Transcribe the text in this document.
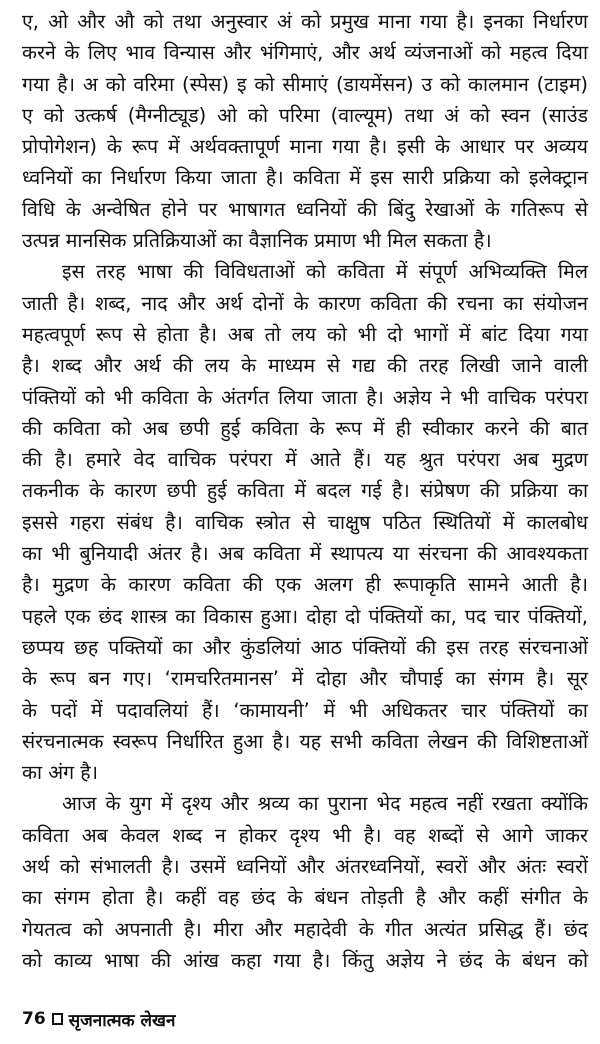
ए, ओ और औ को तथा अनुस्वार अं को प्रमुख माना गया है। इनका निर्धारण
करने के लिए भाव विन्यास और भंगिमाएं, और अर्थ व्यंजनाओं को महत्व दिया
गया है। अ को वरिमा (स्पेस) इ को सीमाएं (डायमेंसन) उ को कालमान (टाइम)
ए को उत्कर्ष (मैग्नीट्यूड) ओ को परिमा (वाल्यूम) तथा अं को स्वन (साउंड
प्रोपोगेशन) के रूप में अर्थवक्तापूर्ण माना गया है। इसी के आधार पर अव्यय
ध्वनियों का निर्धारण किया जाता है। कविता में इस सारी प्रक्रिया को इलेक्ट्रान
विधि के अन्वेषित होने पर भाषागत ध्वनियों की बिंदु रेखाओं के गतिरूप से
उत्पन्न मानसिक प्रतिक्रियाओं का वैज्ञानिक प्रमाण भी मिल सकता है।
इस तरह भाषा की विविधताओं को कविता में संपूर्ण अभिव्यक्ति मिल
जाती है। शब्द, नाद और अर्थ दोनों के कारण कविता की रचना का संयोजन
महत्वपूर्ण रूप से होता है। अब तो लय को भी दो भागों में बांट दिया गया
है। शब्द और अर्थ की लय के माध्यम से गद्य की तरह लिखी जाने वाली
पंक्तियों को भी कविता के अंतर्गत लिया जाता है। अज्ञेय ने भी वाचिक परंपरा
की कविता को अब छपी हुई कविता के रूप में ही स्वीकार करने की बात
की है। हमारे वेद वाचिक परंपरा में आते हैं। यह श्रुत परंपरा अब मुद्रण
तकनीक के कारण छपी हुई कविता में बदल गई है। संप्रेषण की प्रक्रिया का
इससे गहरा संबंध है। वाचिक स्त्रोत से चाक्षुष पठित स्थितियों में कालबोध
का भी बुनियादी अंतर है। अब कविता में स्थापत्य या संरचना की आवश्यकता
है। मुद्रण के कारण कविता की एक अलग ही रूपाकृति सामने आती है।
पहले एक छंद शास्त्र का विकास हुआ। दोहा दो पंक्तियों का, पद चार पंक्तियों,
छप्पय छह पक्तियों का और कुंडलियां आठ पंक्तियों की इस तरह संरचनाओं
के रूप बन गए। ‘रामचरितमानस’ में दोहा और चौपाई का संगम है। सूर
के पदों में पदावलियां हैं। ‘कामायनी’ में भी अधिकतर चार पंक्तियों का
संरचनात्मक स्वरूप निर्धारित हुआ है। यह सभी कविता लेखन की विशिष्टताओं
का अंग है।
आज के युग में दृश्य और श्रव्य का पुराना भेद महत्व नहीं रखता क्योंकि
कविता अब केवल शब्द न होकर दृश्य भी है। वह शब्दों से आगे जाकर
अर्थ को संभालती है। उसमें ध्वनियों और अंतरध्वनियों, स्वरों और अंतः स्वरों
का संगम होता है। कहीं वह छंद के बंधन तोड़ती है और कहीं संगीत के
गेयतत्व को अपनाती है। मीरा और महादेवी के गीत अत्यंत प्रसिद्ध हैं। छंद
को काव्य भाषा की आंख कहा गया है। किंतु अज्ञेय ने छंद के बंधन को
76 सृजनात्मक लेखन
